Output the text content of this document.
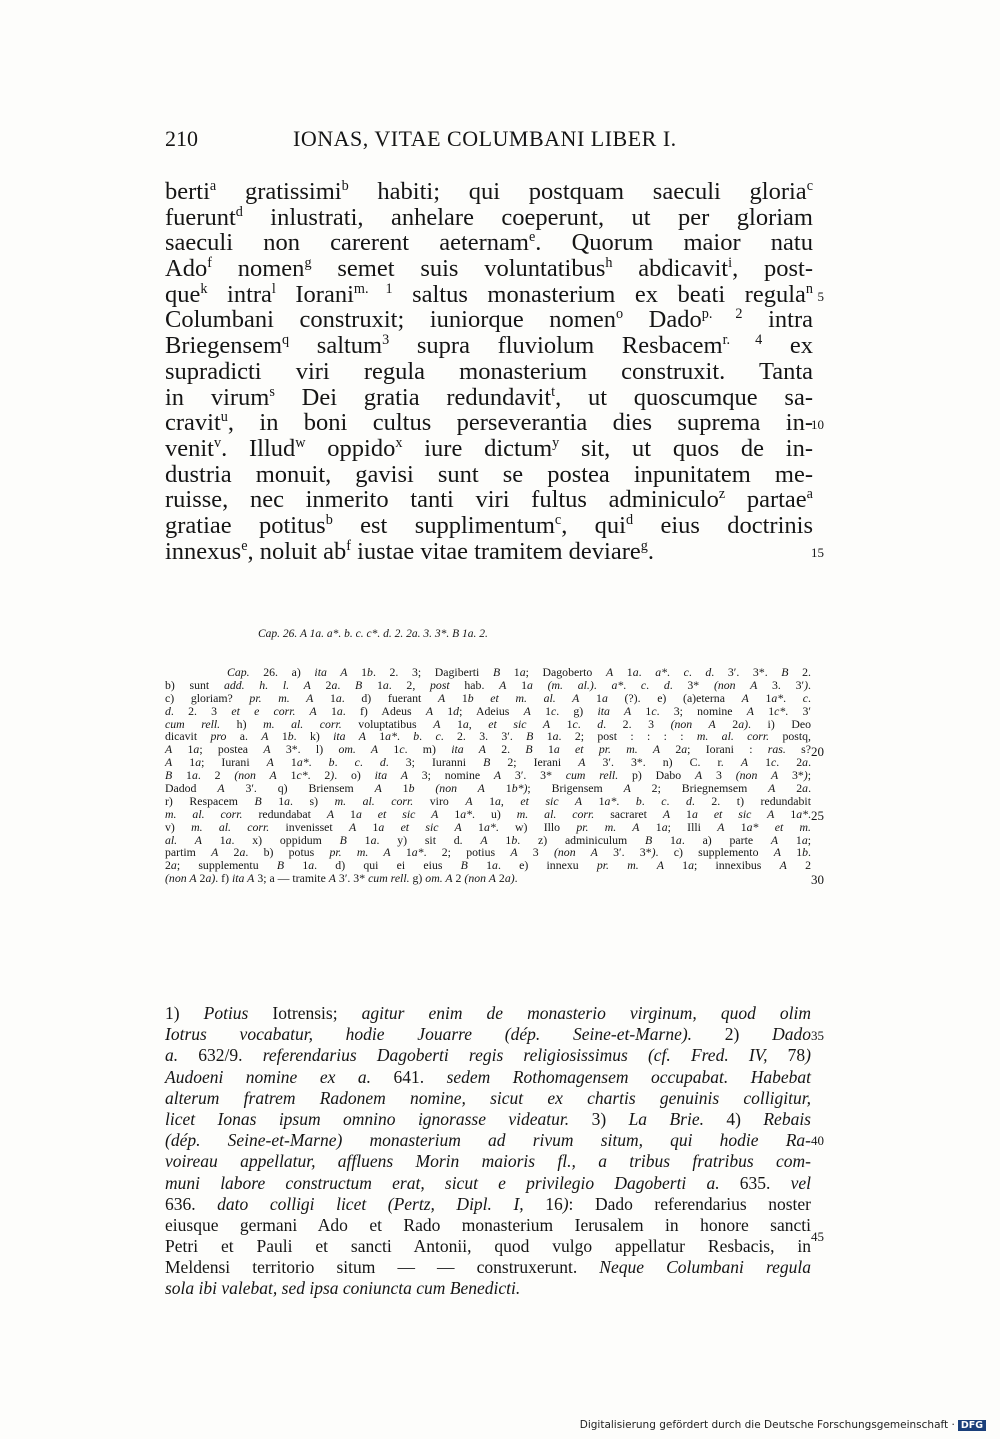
210	IONAS, VITAE COLUMBANI LIBER I.
berti$^a$ gratissimi$^b$ habiti; qui postquam saeculi gloria$^c$
fuerunt$^d$ inlustrati, anhelare coeperunt, ut per gloriam
saeculi non carerent aeternam$^e$. Quorum maior natu
Ado$^f$ nomen$^g$ semet suis voluntatibus$^h$ abdicavit$^i$, post-
que$^k$ intra$^l$ Iorani$^{m. 1}$ saltus monasterium ex beati regula$^n$
Columbani construxit; iuniorque nomen$^o$ Dado$^{p. 2}$ intra
Briegensem$^q$ saltum$^3$ supra fluviolum Resbacem$^{r. 4}$ ex
supradicti viri regula monasterium construxit. Tanta
in virum$^s$ Dei gratia redundavit$^t$, ut quoscumque sa-
cravit$^u$, in boni cultus perseverantia dies suprema in-
venit$^v$. Illud$^w$ oppido$^x$ iure dictum$^y$ sit, ut quos de in-
dustria monuit, gavisi sunt se postea inpunitatem me-
ruisse, nec inmerito tanti viri fultus adminiculo$^z$ partae$^a$
gratiae potitus$^b$ est supplimentum$^c$, qui$^d$ eius doctrinis
innexus$^e$, noluit $ab^f$ iustae vitae tramitem deviare$^g$.
5
10
15
Cap. 26. A 1a. a*. b. c. c*. d. 2. 2a. 3. 3*. B 1a. 2.
Cap. 26. a) ita A 1b. 2. 3; Dagiberti B 1a; Dagoberto A 1a. a*. c. d. 3′. 3*. B 2.
b) sunt add. h. l. A 2a. B 1a. 2, post hab. A 1a (m. al.). a*. c. d. 3* (non A 3. 3′).
c) gloriam? pr. m. A 1a. d) fuerant A 1b et m. al. A 1a (?). e) (a)eterna A 1a*. c.
d. 2. 3 et e corr. A 1a. f) Adeus A 1d; Adeius A 1c. g) ita A 1c. 3; nomine A 1c*. 3′
cum rell. h) m. al. corr. voluptatibus A 1a, et sic A 1c. d. 2. 3 (non A 2a). i) Deo
dicavit pro a. A 1b. k) ita A 1a*. b. c. 2. 3. 3′. B 1a. 2; post : : : : m. al. corr. postq,
A 1a; postea A 3*. l) om. A 1c. m) ita A 2. B 1a et pr. m. A 2a; Iorani : ras. s?
A 1a; Iurani A 1a*. b. c. d. 3; Iuranni B 2; Ierani A 3′. 3*. n) C. r. A 1c. 2a.
B 1a. 2 (non A 1c*. 2). o) ita A 3; nomine A 3′. 3* cum rell. p) Dabo A 3 (non A 3*);
Dadod A 3′. q) Briensem A 1b (non A 1b*); Brigensem A 2; Briegnemsem A 2a.
r) Respacem B 1a. s) m. al. corr. viro A 1a, et sic A 1a*. b. c. d. 2. t) redundabit
m. al. corr. redundabat A 1a et sic A 1a*. u) m. al. corr. sacraret A 1a et sic A 1a*.
v) m. al. corr. invenisset A 1a et sic A 1a*. w) Illo pr. m. A 1a; Illi A 1a* et m.
al. A 1a. x) oppidum B 1a. y) sit d. A 1b. z) adminiculum B 1a. a) parte A 1a;
partim A 2a. b) potus pr. m. A 1a*. 2; potius A 3 (non A 3′. 3*). c) supplemento A 1b.
2a; supplementu B 1a. d) qui ei eius B 1a. e) innexu pr. m. A 1a; innexibus A 2
(non A 2a). f) ita A 3; a — tramite A 3′. 3* cum rell. g) om. A 2 (non A 2a).
20
25
30
1) Potius Iotrensis; agitur enim de monasterio virginum, quod olim
Iotrus vocabatur, hodie Jouarre (dép. Seine-et-Marne). 2) Dado
a. 632/9. referendarius Dagoberti regis religiosissimus (cf. Fred. IV, 78)
Audoeni nomine ex a. 641. sedem Rothomagensem occupabat. Habebat
alterum fratrem Radonem nomine, sicut ex chartis genuinis colligitur,
licet Ionas ipsum omnino ignorasse videatur. 3) La Brie. 4) Rebais
(dép. Seine-et-Marne) monasterium ad rivum situm, qui hodie Ra-
voireau appellatur, affluens Morin maioris fl., a tribus fratribus com-
muni labore constructum erat, sicut e privilegio Dagoberti a. 635. vel
636. dato colligi licet (Pertz, Dipl. I, 16): Dado referendarius noster
eiusque germani Ado et Rado monasterium Ierusalem in honore sancti
Petri et Pauli et sancti Antonii, quod vulgo appellatur Resbacis, in
Meldensi territorio situm — — construxerunt. Neque Columbani regula
sola ibi valebat, sed ipsa coniuncta cum Benedicti.
35
40
45
Digitalisierung gefördert durch die Deutsche Forschungsgemeinschaft · DFG
